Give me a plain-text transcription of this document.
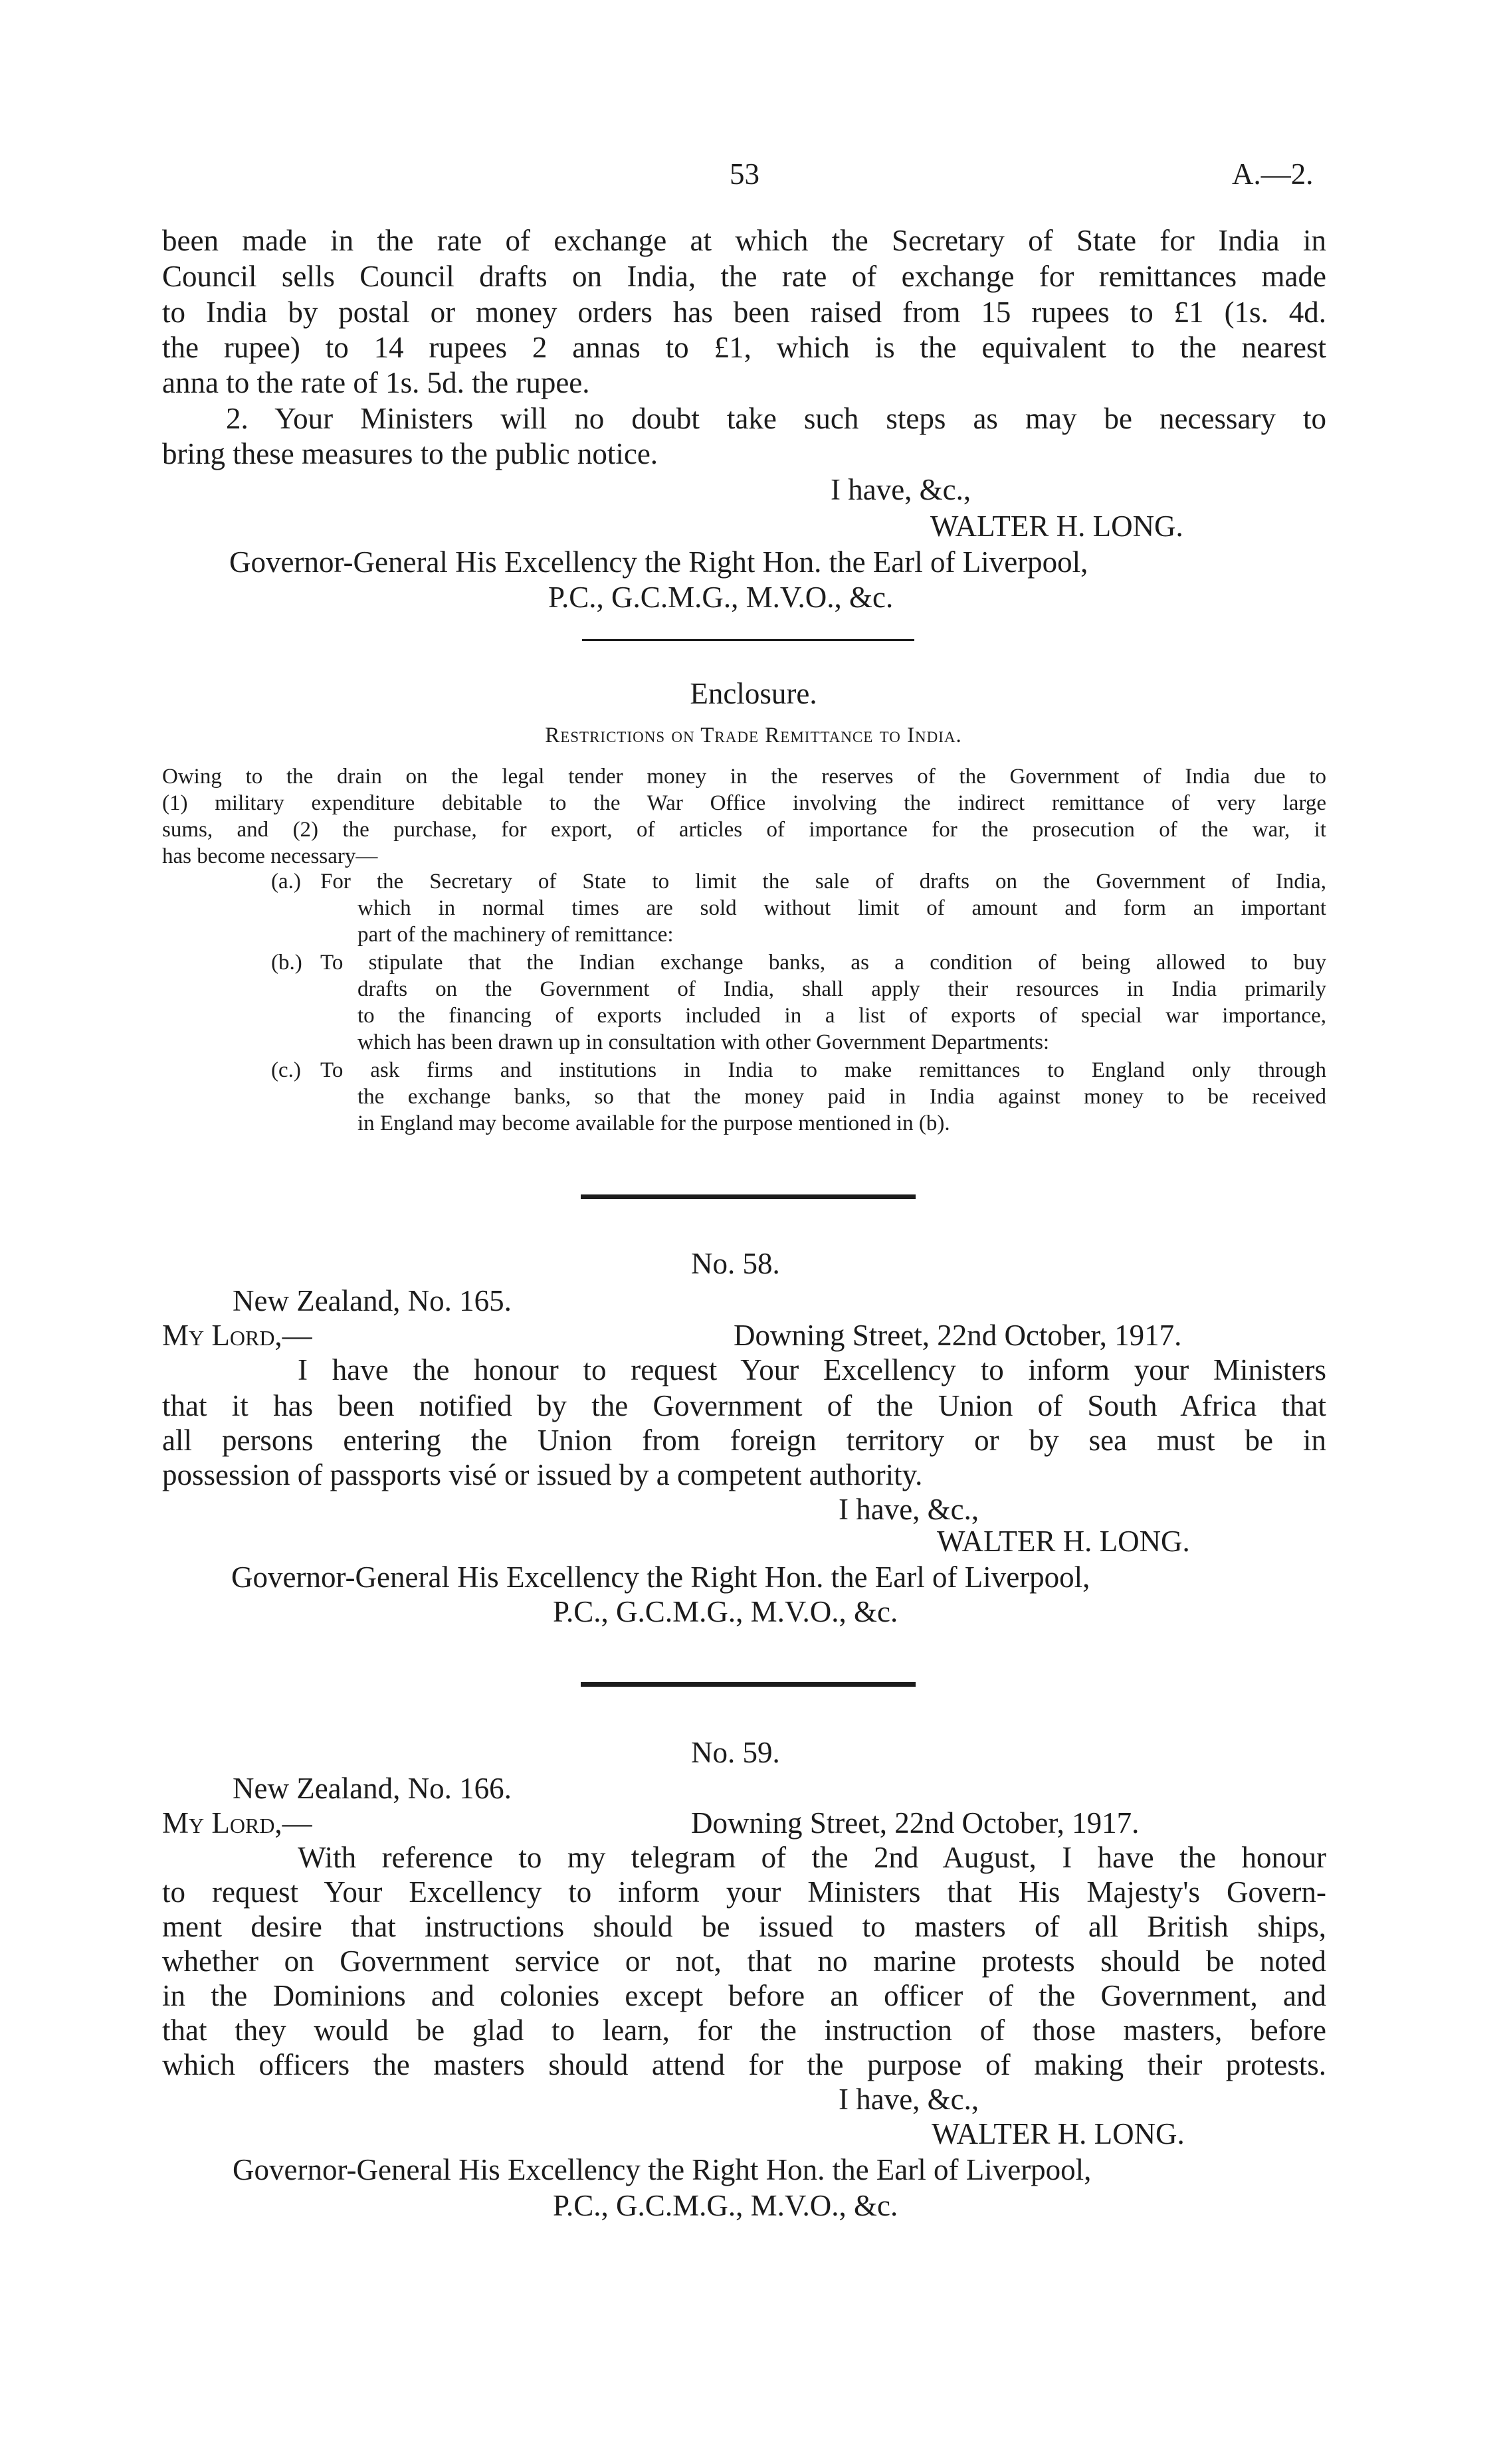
53	A.—2.
been made in the rate of exchange at which the Secretary of State for India in
Council sells Council drafts on India, the rate of exchange for remittances made
to India by postal or money orders has been raised from 15 rupees to £1 (1s. 4d.
the rupee) to 14 rupees 2 annas to £1, which is the equivalent to the nearest
anna to the rate of 1s. 5d. the rupee.
2. Your Ministers will no doubt take such steps as may be necessary to
bring these measures to the public notice.
I have, &c.,
WALTER H. LONG.
Governor-General His Excellency the Right Hon. the Earl of Liverpool,
P.C., G.C.M.G., M.V.O., &c.
Enclosure.
Restrictions on Trade Remittance to India.
Owing to the drain on the legal tender money in the reserves of the Government of India due to
(1) military expenditure debitable to the War Office involving the indirect remittance of very large
sums, and (2) the purchase, for export, of articles of importance for the prosecution of the war, it
has become necessary—
(a.) For the Secretary of State to limit the sale of drafts on the Government of India,
which in normal times are sold without limit of amount and form an important
part of the machinery of remittance:
(b.) To stipulate that the Indian exchange banks, as a condition of being allowed to buy
drafts on the Government of India, shall apply their resources in India primarily
to the financing of exports included in a list of exports of special war importance,
which has been drawn up in consultation with other Government Departments:
(c.) To ask firms and institutions in India to make remittances to England only through
the exchange banks, so that the money paid in India against money to be received
in England may become available for the purpose mentioned in (b).
No. 58.
New Zealand, No. 165.
My Lord,—	Downing Street, 22nd October, 1917.
I have the honour to request Your Excellency to inform your Ministers
that it has been notified by the Government of the Union of South Africa that
all persons entering the Union from foreign territory or by sea must be in
possession of passports visé or issued by a competent authority.
I have, &c.,
WALTER H. LONG.
Governor-General His Excellency the Right Hon. the Earl of Liverpool,
P.C., G.C.M.G., M.V.O., &c.
No. 59.
New Zealand, No. 166.
My Lord,—	Downing Street, 22nd October, 1917.
With reference to my telegram of the 2nd August, I have the honour
to request Your Excellency to inform your Ministers that His Majesty's Govern-
ment desire that instructions should be issued to masters of all British ships,
whether on Government service or not, that no marine protests should be noted
in the Dominions and colonies except before an officer of the Government, and
that they would be glad to learn, for the instruction of those masters, before
which officers the masters should attend for the purpose of making their protests.
I have, &c.,
WALTER H. LONG.
Governor-General His Excellency the Right Hon. the Earl of Liverpool,
P.C., G.C.M.G., M.V.O., &c.
